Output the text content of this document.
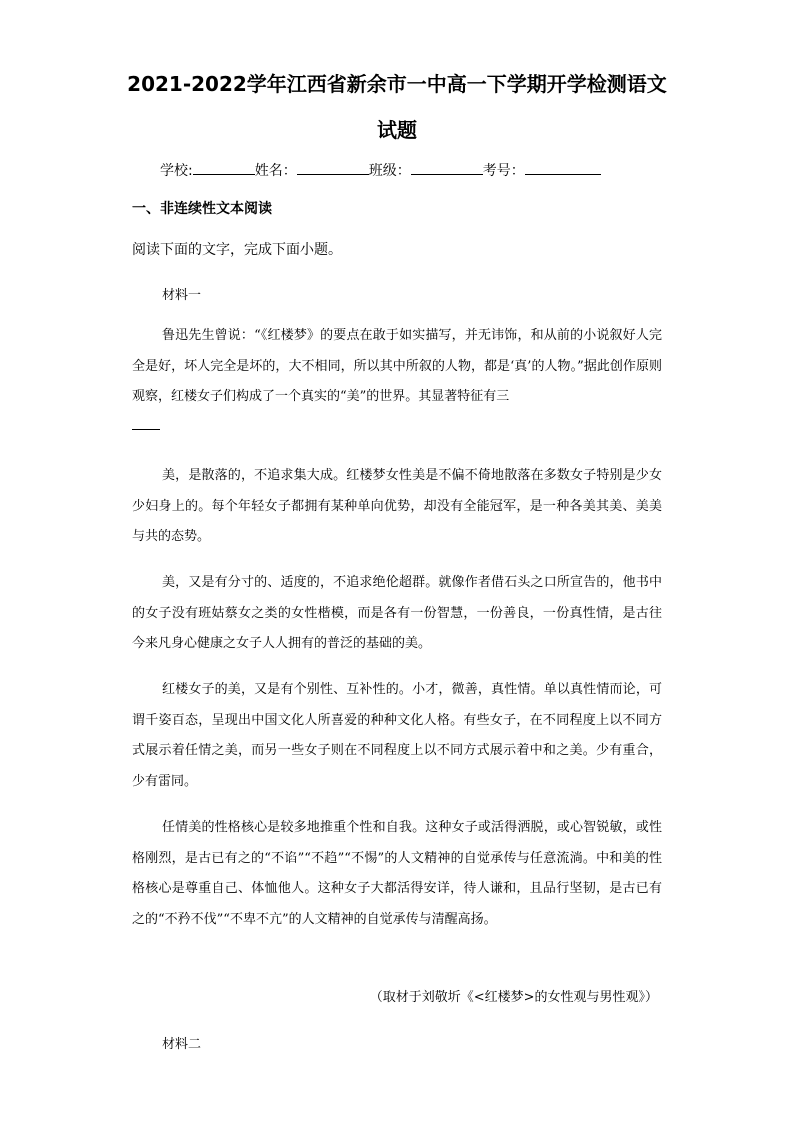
2021-2022学年江西省新余市一中高一下学期开学检测语文
试题
学校:	姓名：	班级：	考号：
一、非连续性文本阅读
阅读下面的文字，完成下面小题。
材料一
鲁迅先生曾说：“《红楼梦》的要点在敢于如实描写，并无讳饰，和从前的小说叙好人完全是好，坏人完全是坏的，大不相同，所以其中所叙的人物，都是‘真’的人物。”据此创作原则观察，红楼女子们构成了一个真实的“美”的世界。其显著特征有三
美，是散落的，不追求集大成。红楼梦女性美是不偏不倚地散落在多数女子特别是少女少妇身上的。每个年轻女子都拥有某种单向优势，却没有全能冠军，是一种各美其美、美美与共的态势。
美，又是有分寸的、适度的，不追求绝伦超群。就像作者借石头之口所宣告的，他书中的女子没有班姑蔡女之类的女性楷模，而是各有一份智慧，一份善良，一份真性情，是古往今来凡身心健康之女子人人拥有的普泛的基础的美。
红楼女子的美，又是有个别性、互补性的。小才，微善，真性情。单以真性情而论，可谓千姿百态，呈现出中国文化人所喜爱的种种文化人格。有些女子，在不同程度上以不同方式展示着任情之美，而另一些女子则在不同程度上以不同方式展示着中和之美。少有重合，少有雷同。
任情美的性格核心是较多地推重个性和自我。这种女子或活得洒脱，或心智锐敏，或性格刚烈，是古已有之的“不谄”“不趋”“不惕”的人文精神的自觉承传与任意流淌。中和美的性格核心是尊重自己、体恤他人。这种女子大都活得安详，待人谦和，且品行坚韧，是古已有之的“不矜不伐”“不卑不亢”的人文精神的自觉承传与清醒高扬。
（取材于刘敬圻《<红楼梦>的女性观与男性观》）
材料二
